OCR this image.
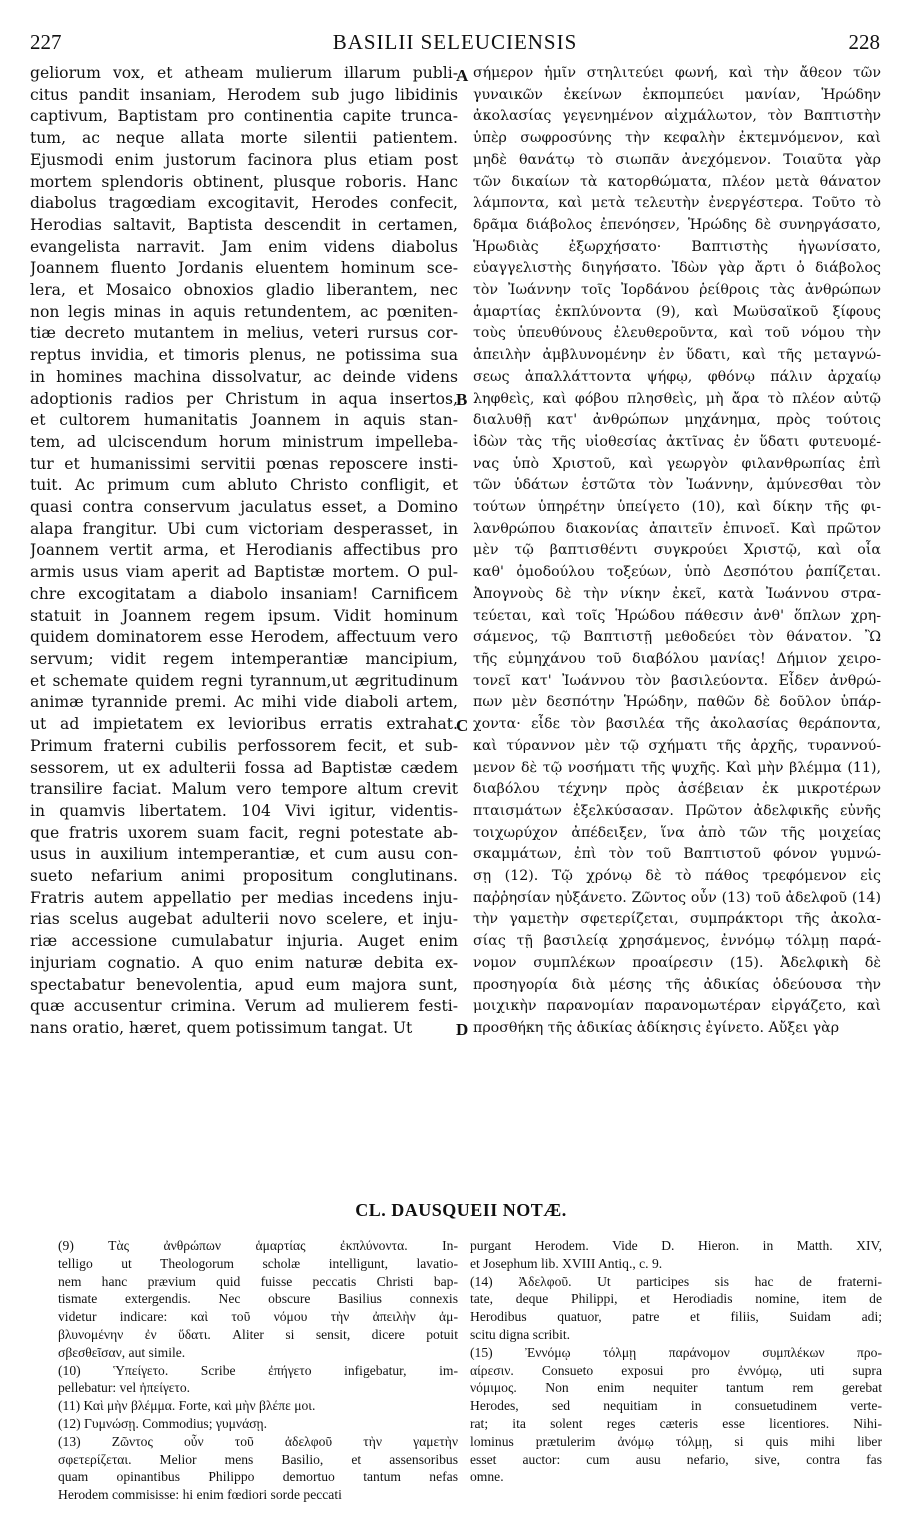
227	BASILII SELEUCIENSIS	228
geliorum vox, et atheam mulierum illarum publi-
citus pandit insaniam, Herodem sub jugo libidinis
captivum, Baptistam pro continentia capite trunca-
tum, ac neque allata morte silentii patientem.
Ejusmodi enim justorum facinora plus etiam post
mortem splendoris obtinent, plusque roboris. Hanc
diabolus tragœdiam excogitavit, Herodes confecit,
Herodias saltavit, Baptista descendit in certamen,
evangelista narravit. Jam enim videns diabolus
Joannem fluento Jordanis eluentem hominum sce-
lera, et Mosaico obnoxios gladio liberantem, nec
non legis minas in aquis retundentem, ac pœniten-
tiæ decreto mutantem in melius, veteri rursus cor-
reptus invidia, et timoris plenus, ne potissima sua
in homines machina dissolvatur, ac deinde videns
adoptionis radios per Christum in aqua insertos,
et cultorem humanitatis Joannem in aquis stan-
tem, ad ulciscendum horum ministrum impelleba-
tur et humanissimi servitii pœnas reposcere insti-
tuit. Ac primum cum abluto Christo confligit, et
quasi contra conservum jaculatus esset, a Domino
alapa frangitur. Ubi cum victoriam desperasset, in
Joannem vertit arma, et Herodianis affectibus pro
armis usus viam aperit ad Baptistæ mortem. O pul-
chre excogitatam a diabolo insaniam! Carnificem
statuit in Joannem regem ipsum. Vidit hominum
quidem dominatorem esse Herodem, affectuum vero
servum; vidit regem intemperantiæ mancipium,
et schemate quidem regni tyrannum,ut ægritudinum
animæ tyrannide premi. Ac mihi vide diaboli artem,
ut ad impietatem ex levioribus erratis extrahat.
Primum fraterni cubilis perfossorem fecit, et sub-
sessorem, ut ex adulterii fossa ad Baptistæ cædem
transilire faciat. Malum vero tempore altum crevit
in quamvis libertatem. 104 Vivi igitur, videntis-
que fratris uxorem suam facit, regni potestate ab-
usus in auxilium intemperantiæ, et cum ausu con-
sueto nefarium animi propositum conglutinans.
Fratris autem appellatio per medias incedens inju-
rias scelus augebat adulterii novo scelere, et inju-
riæ accessione cumulabatur injuria. Auget enim
injuriam cognatio. A quo enim naturæ debita ex-
spectabatur benevolentia, apud eum majora sunt,
quæ accusentur crimina. Verum ad mulierem festi-
nans oratio, hæret, quem potissimum tangat. Ut
σήμερον ἡμῖν στηλιτεύει φωνή, καὶ τὴν ἄθεον τῶν
γυναικῶν ἐκείνων ἐκπομπεύει μανίαν, Ἡρώδην
ἀκολασίας γεγενημένον αἰχμάλωτον, τὸν Βαπτιστὴν
ὑπὲρ σωφροσύνης τὴν κεφαλὴν ἐκτεμνόμενον, καὶ
μηδὲ θανάτῳ τὸ σιωπᾶν ἀνεχόμενον. Τοιαῦτα γὰρ
τῶν δικαίων τὰ κατορθώματα, πλέον μετὰ θάνατον
λάμποντα, καὶ μετὰ τελευτὴν ἐνεργέστερα. Τοῦτο τὸ
δρᾶμα διάβολος ἐπενόησεν, Ἡρώδης δὲ συνηργάσατο,
Ἡρωδιὰς ἐξωρχήσατο· Βαπτιστὴς ἠγωνίσατο,
εὐαγγελιστὴς διηγήσατο. Ἰδὼν γὰρ ἄρτι ὁ διάβολος
τὸν Ἰωάννην τοῖς Ἰορδάνου ῥείθροις τὰς ἀνθρώπων
ἁμαρτίας ἐκπλύνοντα (9), καὶ Μωϋσαϊκοῦ ξίφους
τοὺς ὑπευθύνους ἐλευθεροῦντα, καὶ τοῦ νόμου τὴν
ἀπειλὴν ἀμβλυνομένην ἐν ὕδατι, καὶ τῆς μεταγνώ-
σεως ἀπαλλάττοντα ψήφῳ, φθόνῳ πάλιν ἀρχαίῳ
ληφθεὶς, καὶ φόβου πλησθεὶς, μὴ ἄρα τὸ πλέον αὐτῷ
διαλυθῇ κατ' ἀνθρώπων μηχάνημα, πρὸς τούτοις
ἰδὼν τὰς τῆς υἱοθεσίας ἀκτῖνας ἐν ὕδατι φυτευομέ-
νας ὑπὸ Χριστοῦ, καὶ γεωργὸν φιλανθρωπίας ἐπὶ
τῶν ὑδάτων ἑστῶτα τὸν Ἰωάννην, ἀμύνεσθαι τὸν
τούτων ὑπηρέτην ὑπείγετο (10), καὶ δίκην τῆς φι-
λανθρώπου διακονίας ἀπαιτεῖν ἐπινοεῖ. Καὶ πρῶτον
μὲν τῷ βαπτισθέντι συγκρούει Χριστῷ, καὶ οἷα
καθ' ὁμοδούλου τοξεύων, ὑπὸ Δεσπότου ῥαπίζεται.
Ἀπογνοὺς δὲ τὴν νίκην ἐκεῖ, κατὰ Ἰωάννου στρα-
τεύεται, καὶ τοῖς Ἡρώδου πάθεσιν ἀνθ' ὅπλων χρη-
σάμενος, τῷ Βαπτιστῇ μεθοδεύει τὸν θάνατον. Ὢ
τῆς εὐμηχάνου τοῦ διαβόλου μανίας! Δήμιον χειρο-
τονεῖ κατ' Ἰωάννου τὸν βασιλεύοντα. Εἶδεν ἀνθρώ-
πων μὲν δεσπότην Ἡρώδην, παθῶν δὲ δοῦλον ὑπάρ-
χοντα· εἶδε τὸν βασιλέα τῆς ἀκολασίας θεράποντα,
καὶ τύραννον μὲν τῷ σχήματι τῆς ἀρχῆς, τυραννού-
μενον δὲ τῷ νοσήματι τῆς ψυχῆς. Καὶ μὴν βλέμμα (11),
διαβόλου τέχνην πρὸς ἀσέβειαν ἐκ μικροτέρων
πταισμάτων ἐξελκύσασαν. Πρῶτον ἀδελφικῆς εὐνῆς
τοιχωρύχον ἀπέδειξεν, ἵνα ἀπὸ τῶν τῆς μοιχείας
σκαμμάτων, ἐπὶ τὸν τοῦ Βαπτιστοῦ φόνον γυμνώ-
σῃ (12). Τῷ χρόνῳ δὲ τὸ πάθος τρεφόμενον εἰς
παῤῥησίαν ηὐξάνετο. Ζῶντος οὖν (13) τοῦ ἀδελφοῦ (14)
τὴν γαμετὴν σφετερίζεται, συμπράκτορι τῆς ἀκολα-
σίας τῇ βασιλείᾳ χρησάμενος, ἐννόμῳ τόλμῃ παρά-
νομον συμπλέκων προαίρεσιν (15). Ἀδελφικὴ δὲ
προσηγορία διὰ μέσης τῆς ἀδικίας ὁδεύουσα τὴν
μοιχικὴν παρανομίαν παρανομωτέραν εἰργάζετο, καὶ
προσθήκη τῆς ἀδικίας ἀδίκησις ἐγίνετο. Αὔξει γὰρ
A
B
C
D
CL. DAUSQUEII NOTÆ.
(9) Τὰς ἀνθρώπων ἁμαρτίας ἐκπλύνοντα. In-
telligo ut Theologorum scholæ intelligunt, lavatio-
nem hanc prævium quid fuisse peccatis Christi bap-
tismate extergendis. Nec obscure Basilius connexis
videtur indicare: καὶ τοῦ νόμου τὴν ἀπειλὴν ἀμ-
βλυνομένην ἐν ὕδατι. Aliter si sensit, dicere potuit
σβεσθεῖσαν, aut simile.
(10) Ὑπείγετο. Scribe ἐπήγετο infigebatur, im-
pellebatur: vel ἠπείγετο.
(11) Καὶ μὴν βλέμμα. Forte, καὶ μὴν βλέπε μοι.
(12) Γυμνώσῃ. Commodius; γυμνάσῃ.
(13) Ζῶντος οὖν τοῦ ἀδελφοῦ τὴν γαμετὴν
σφετερίζεται. Melior mens Basilio, et assensoribus
quam opinantibus Philippo demortuo tantum nefas
Herodem commisisse: hi enim fœdiori sorde peccati
purgant Herodem. Vide D. Hieron. in Matth. XIV,
et Josephum lib. XVIII Antiq., c. 9.
(14) Ἀδελφοῦ. Ut participes sis hac de fraterni-
tate, deque Philippi, et Herodiadis nomine, item de
Herodibus quatuor, patre et filiis, Suidam adi;
scitu digna scribit.
(15) Ἐννόμῳ τόλμῃ παράνομον συμπλέκων προ-
αίρεσιν. Consueto exposui pro ἐννόμῳ, uti supra
νόμιμος. Non enim nequiter tantum rem gerebat
Herodes, sed nequitiam in consuetudinem verte-
rat; ita solent reges cæteris esse licentiores. Nihi-
lominus prætulerim ἀνόμῳ τόλμῃ, si quis mihi liber
esset auctor: cum ausu nefario, sive, contra fas
omne.
